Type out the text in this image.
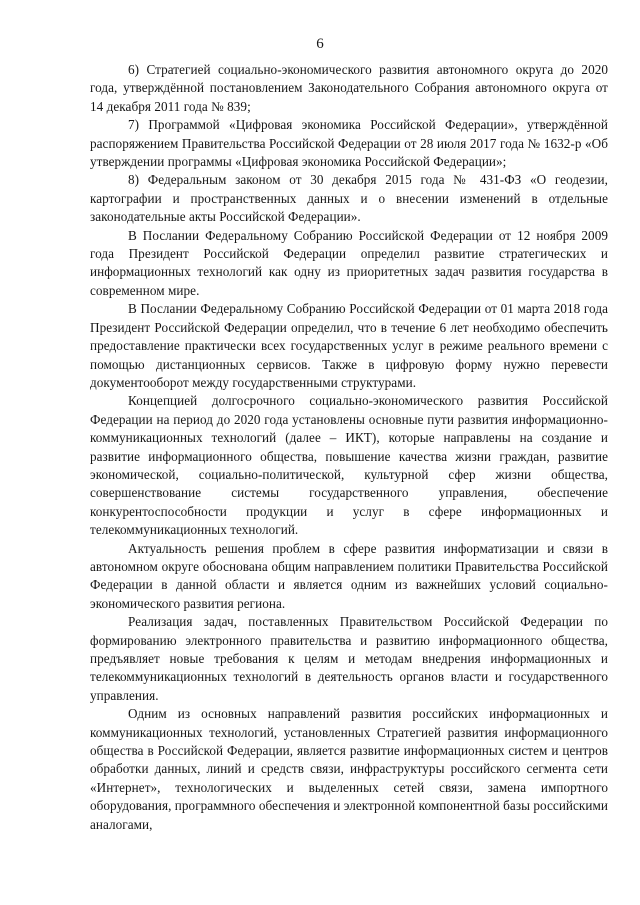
6

6) Стратегией социально-экономического развития автономного округа до 2020 года, утверждённой постановлением Законодательного Собрания автономного округа от 14 декабря 2011 года № 839;

7) Программой «Цифровая экономика Российской Федерации», утверждённой распоряжением Правительства Российской Федерации от 28 июля 2017 года № 1632-р «Об утверждении программы «Цифровая экономика Российской Федерации»;

8) Федеральным законом от 30 декабря 2015 года № 431-ФЗ «О геодезии, картографии и пространственных данных и о внесении изменений в отдельные законодательные акты Российской Федерации».

В Послании Федеральному Собранию Российской Федерации от 12 ноября 2009 года Президент Российской Федерации определил развитие стратегических и информационных технологий как одну из приоритетных задач развития государства в современном мире.

В Послании Федеральному Собранию Российской Федерации от 01 марта 2018 года Президент Российской Федерации определил, что в течение 6 лет необходимо обеспечить предоставление практически всех государственных услуг в режиме реального времени с помощью дистанционных сервисов. Также в цифровую форму нужно перевести документооборот между государственными структурами.

Концепцией долгосрочного социально-экономического развития Российской Федерации на период до 2020 года установлены основные пути развития информационно-коммуникационных технологий (далее – ИКТ), которые направлены на создание и развитие информационного общества, повышение качества жизни граждан, развитие экономической, социально-политической, культурной сфер жизни общества, совершенствование системы государственного управления, обеспечение конкурентоспособности продукции и услуг в сфере информационных и телекоммуникационных технологий.

Актуальность решения проблем в сфере развития информатизации и связи в автономном округе обоснована общим направлением политики Правительства Российской Федерации в данной области и является одним из важнейших условий социально-экономического развития региона.

Реализация задач, поставленных Правительством Российской Федерации по формированию электронного правительства и развитию информационного общества, предъявляет новые требования к целям и методам внедрения информационных и телекоммуникационных технологий в деятельность органов власти и государственного управления.

Одним из основных направлений развития российских информационных и коммуникационных технологий, установленных Стратегией развития информационного общества в Российской Федерации, является развитие информационных систем и центров обработки данных, линий и средств связи, инфраструктуры российского сегмента сети «Интернет», технологических и выделенных сетей связи, замена импортного оборудования, программного обеспечения и электронной компонентной базы российскими аналогами,
